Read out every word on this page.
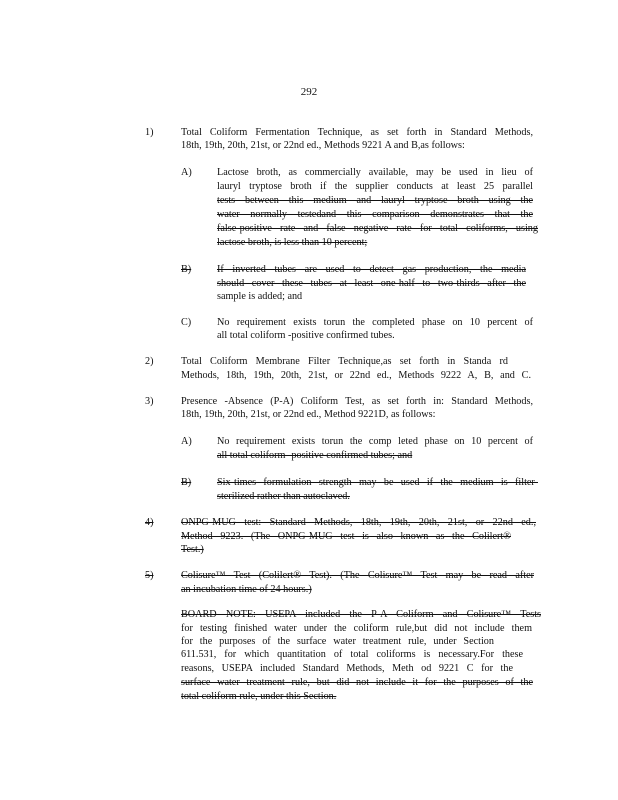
292
1)	Total Coliform Fermentation Technique, as set forth in Standard Methods,
18th, 19th, 20th, 21st, or 22nd ed., Methods 9221 A and B,as follows:
A) Lactose broth, as commercially available, may be used in lieu of
lauryl tryptose broth if the supplier conducts at least 25 parallel
tests between this medium and lauryl tryptose broth using the
water normally testedand this comparison demonstrates that the
false-positive rate and false negative rate for total coliforms, using
lactose broth, is less than 10 percent;
B)	If inverted tubes are used to detect gas production, the media
should cover these tubes at least one-half to two-thirds after the
sample is added; and
C)	No requirement exists torun the completed phase on 10 percent of
all total coliform -positive confirmed tubes.
2)	Total Coliform Membrane Filter Technique,as set forth in Standa rd
Methods, 18th, 19th, 20th, 21st, or 22nd ed., Methods 9222 A, B, and C.
3)	Presence -Absence (P-A) Coliform Test, as set forth in: Standard Methods,
18th, 19th, 20th, 21st, or 22nd ed., Method 9221D, as follows:
A) No requirement exists torun the comp leted phase on 10 percent of
all total coliform -positive confirmed tubes; and
B)	Six-times formulation strength may be used if the medium is filter-
sterilized rather than autoclaved.
4)	ONPG-MUG test: Standard Methods, 18th, 19th, 20th, 21st, or 22nd ed.,
Method 9223. (The ONPG-MUG test is also known as the Colilert®
Test.)
5)	Colisure™ Test (Colilert® Test). (The Colisure™ Test may be read after
an incubation time of 24 hours.)
BOARD NOTE: USEPA included the P-A Coliform and Colisure™ Tests
for testing finished water under the coliform rule,but did not include them
for the purposes of the surface water treatment rule, under Section
611.531, for which quantitation of total coliforms is necessary.For these
reasons, USEPA included Standard Methods, Meth od 9221 C for the
surface water treatment rule, but did not include it for the purposes of the
total coliform rule, under this Section.
